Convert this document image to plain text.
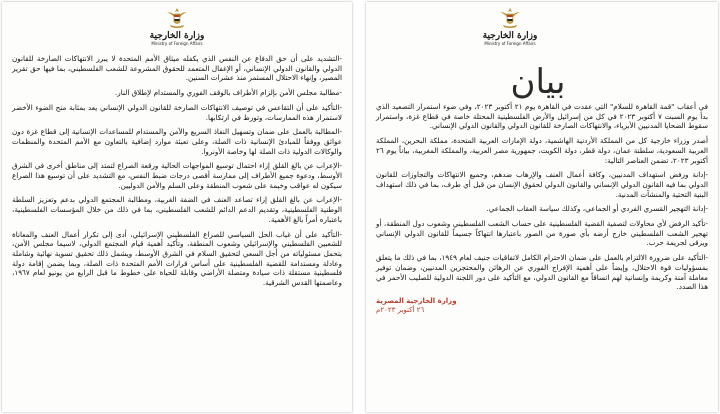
وزارة الخارجية
Ministry of Foreign Affairs

-التشديد على أن حق الدفاع عن النفس الذي يكفله ميثاق الأمم المتحدة لا يبرر الانتهاكات الصارخة للقانون الدولي والقانون الدولي الإنساني، أو الإغفال المتعمد للحقوق المشروعة للشعب الفلسطيني، بما فيها حق تقرير المصير، وإنهاء الاحتلال المستمر منذ عشرات السنين.

-مطالبة مجلس الأمن بإلزام الأطراف بالوقف الفوري والمستدام لإطلاق النار.

-التأكيد على أن التقاعس في توصيف الانتهاكات الصارخة للقانون الدولي الإنساني يعد بمثابة منح الضوء الأخضر لاستمرار هذه الممارسات، وتورط في ارتكابها.

-المطالبة بالعمل على ضمان وتسهيل النفاذ السريع والآمن والمستدام للمساعدات الإنسانية إلى قطاع غزة دون عوائق ووفقاً للمبادئ الإنسانية ذات الصلة، وعلى تعبئة موارد إضافية بالتعاون مع الأمم المتحدة والمنظمات والوكالات الدولية ذات الصلة لها وخاصة الأونروا.

-الإعراب عن بالغ القلق إزاء احتمال توسيع المواجهات الحالية ورقعة الصراع لتمتد إلى مناطق أخرى في الشرق الأوسط، ودعوة جميع الأطراف إلى ممارسة أقصى درجات ضبط النفس، مع التشديد على أن توسيع هذا الصراع سيكون له عواقب وخيمة على شعوب المنطقة وعلى السلم والأمن الدوليين.

-الإعراب عن بالغ القلق إزاء تصاعد العنف في الضفة الغربية، ومطالبة المجتمع الدولي بدعم وتعزيز السلطة الوطنية الفلسطينية، وتقديم الدعم الدائم للشعب الفلسطيني، بما في ذلك من خلال المؤسسات الفلسطينية، باعتباره أمراً بالغ الأهمية.

-التأكيد على أن غياب الحل السياسي للصراع الفلسطيني الإسرائيلي، أدى إلى تكرار أعمال العنف والمعاناة للشعبين الفلسطيني والإسرائيلي وشعوب المنطقة، وتأكيد أهمية قيام المجتمع الدولي، لاسيما مجلس الأمن، بتحمل مسئولياته من أجل السعي لتحقيق السلام في الشرق الأوسط، ويشمل ذلك تحقيق تسوية نهائية وشاملة وعادلة ومستدامة للقضية الفلسطينية على أساس قرارات الأمم المتحدة ذات الصلة، وبما يضمن إقامة دولة فلسطينية مستقلة ذات سيادة ومتصلة الأراضي وقابلة للحياة على خطوط ما قبل الرابع من يونيو لعام ١٩٦٧، وعاصمتها القدس الشرقية.

وزارة الخارجية
Ministry of Foreign Affairs
بيان

في أعقاب "قمة القاهرة للسلام" التي عقدت في القاهرة يوم ٢١ أكتوبر ٢٠٢٣، وفي ضوء استمرار التصعيد الذي بدأ يوم السبت ٧ أكتوبر ٢٠٢٣ في كل من إسرائيل والأرض الفلسطينية المحتلة خاصة في قطاع غزة، واستمرار سقوط الضحايا المدنيين الأبرياء، والانتهاكات الصارخة للقانون الدولي والقانون الدولي الإنساني.

أصدر وزراء خارجية كل من المملكة الأردنية الهاشمية، دولة الإمارات العربية المتحدة، مملكة البحرين، المملكة العربية السعودية، سلطنة عمان، دولة قطر، دولة الكويت، جمهورية مصر العربية، والمملكة المغربية، بياناً يوم ٢٦ أكتوبر ٢٠٢٣، تضمن العناصر التالية:

-إدانة ورفض استهداف المدنيين، وكافة أعمال العنف والإرهاب ضدهم، وجميع الانتهاكات والتجاوزات للقانون الدولي بما فيه القانون الدولي الإنساني والقانون الدولي لحقوق الإنسان من قبل أي طرف، بما في ذلك استهداف البنية التحتية والمنشآت المدنية.

-إدانة التهجير القسري الفردي أو الجماعي، وكذلك سياسة العقاب الجماعي.

-تأكيد الرفض لأي محاولات لتصفية القضية الفلسطينية على حساب الشعب الفلسطيني وشعوب دول المنطقة، أو تهجير الشعب الفلسطيني خارج أرضه بأي صورة من الصور باعتبارها انتهاكاً جسيماً للقانون الدولي الإنساني ويرقى لجريمة حرب.

-التأكيد على ضرورة الالتزام بالعمل على ضمان الاحترام الكامل لاتفاقيات جنيف لعام ١٩٤٩، بما في ذلك ما يتعلق بمسؤوليات قوة الاحتلال، وإيضاً على أهمية الإفراج الفوري عن الرهائن والمحتجزين المدنيين، وضمان توفير معاملة آمنة وكريمة وإنسانية لهم اتساقاً مع القانون الدولي، مع التأكيد على دور اللجنة الدولية للصليب الأحمر في هذا الصدد.

وزارة الخارجية المصرية
٢٦ أكتوبر ٢٠٢٣م
